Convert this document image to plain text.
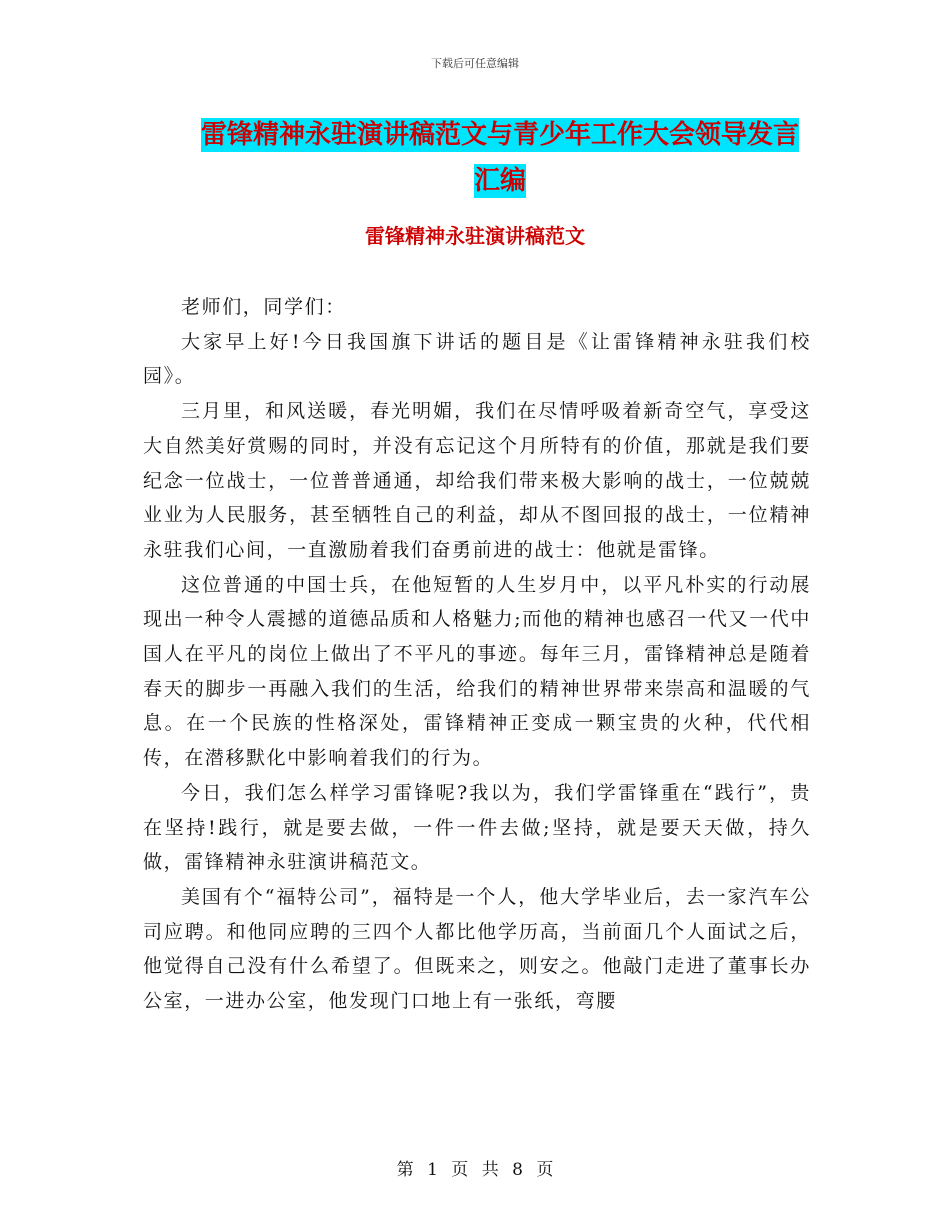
下载后可任意编辑
雷锋精神永驻演讲稿范文与青少年工作大会领导发言
汇编
雷锋精神永驻演讲稿范文

老师们，同学们：

大家早上好!今日我国旗下讲话的题目是《让雷锋精神永驻我们校园》。

三月里，和风送暖，春光明媚，我们在尽情呼吸着新奇空气，享受这大自然美好赏赐的同时，并没有忘记这个月所特有的价值，那就是我们要纪念一位战士，一位普普通通，却给我们带来极大影响的战士，一位兢兢业业为人民服务，甚至牺牲自己的利益，却从不图回报的战士，一位精神永驻我们心间，一直激励着我们奋勇前进的战士：他就是雷锋。

这位普通的中国士兵，在他短暂的人生岁月中，以平凡朴实的行动展现出一种令人震撼的道德品质和人格魅力;而他的精神也感召一代又一代中国人在平凡的岗位上做出了不平凡的事迹。每年三月，雷锋精神总是随着春天的脚步一再融入我们的生活，给我们的精神世界带来崇高和温暖的气息。在一个民族的性格深处，雷锋精神正变成一颗宝贵的火种，代代相传，在潜移默化中影响着我们的行为。

今日，我们怎么样学习雷锋呢?我以为，我们学雷锋重在“践行”，贵在坚持!践行，就是要去做，一件一件去做;坚持，就是要天天做，持久做，雷锋精神永驻演讲稿范文。

美国有个“福特公司”，福特是一个人，他大学毕业后，去一家汽车公司应聘。和他同应聘的三四个人都比他学历高，当前面几个人面试之后，他觉得自己没有什么希望了。但既来之，则安之。他敲门走进了董事长办公室，一进办公室，他发现门口地上有一张纸，弯腰

第 1 页 共 8 页
